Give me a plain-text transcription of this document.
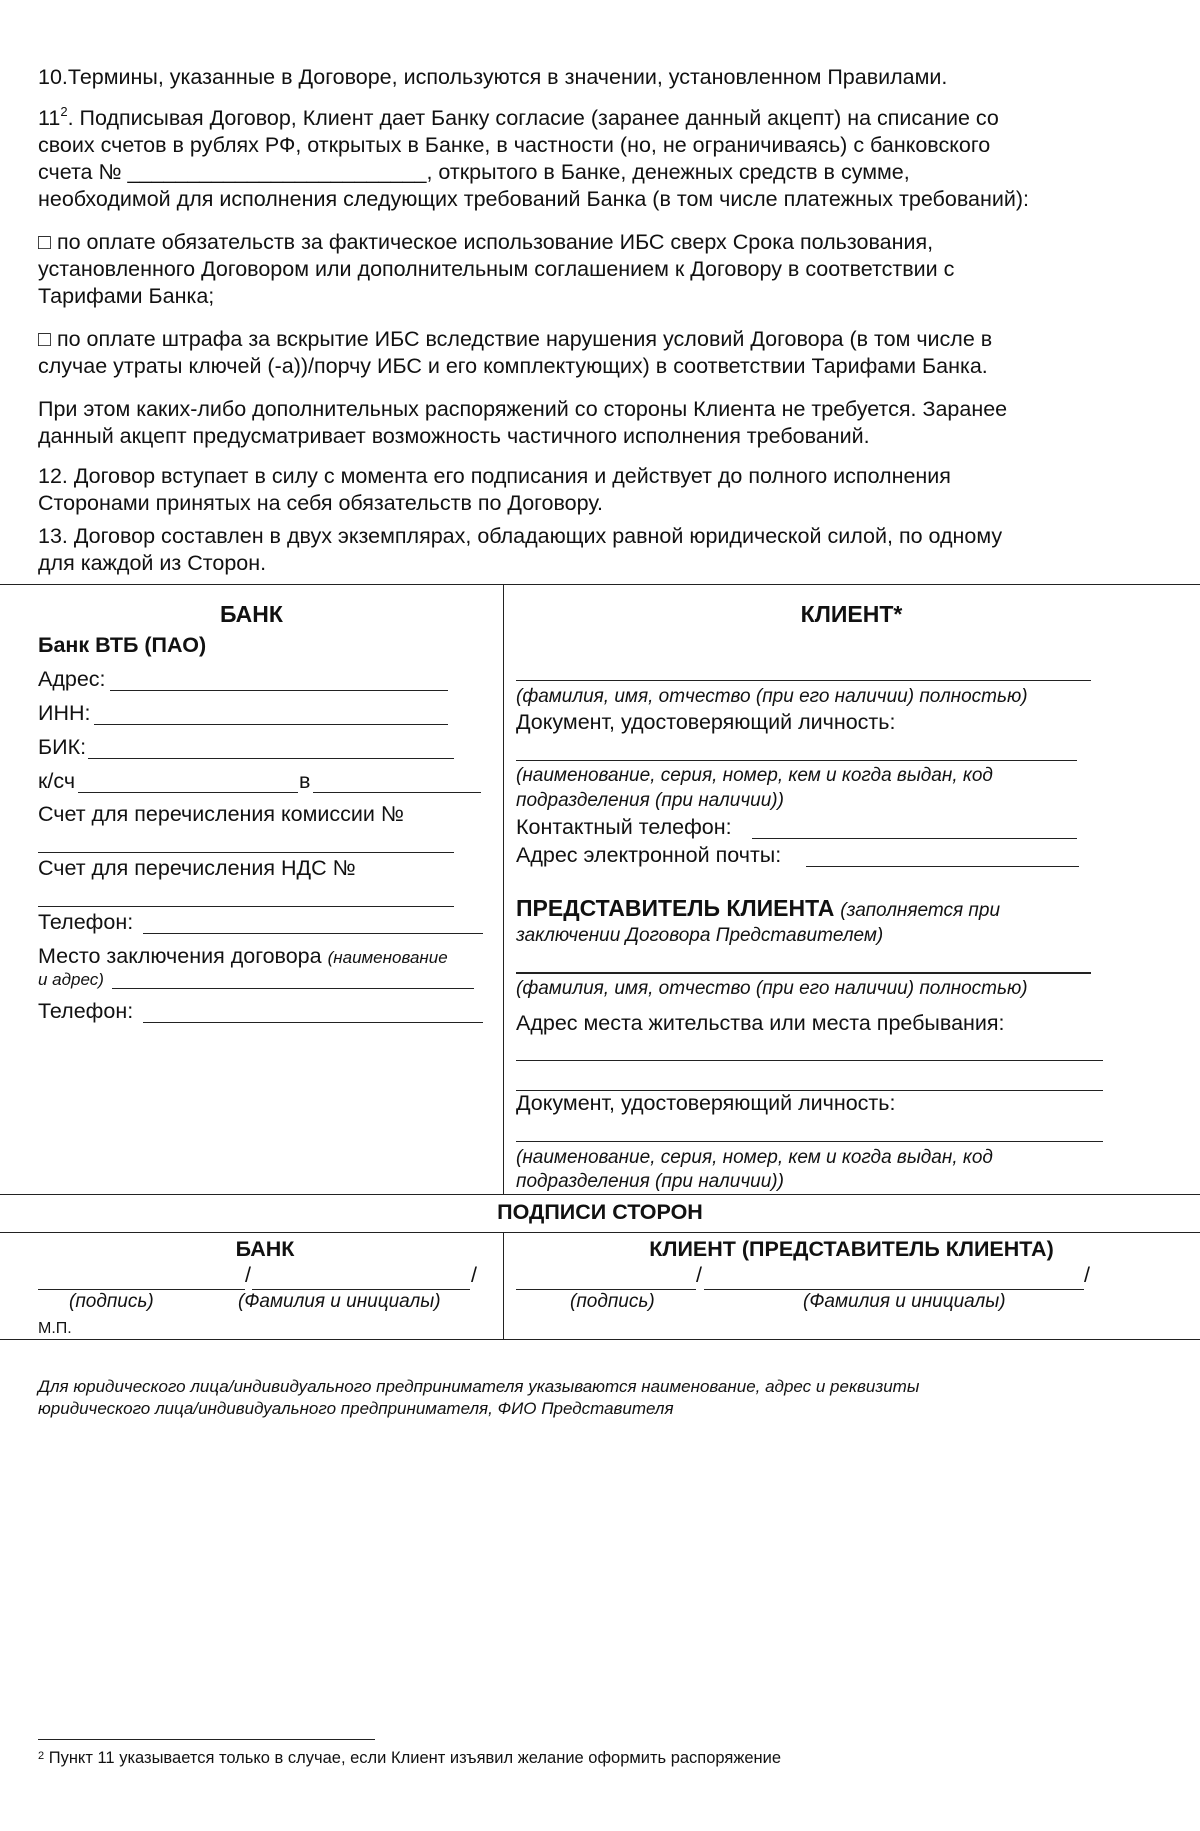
10.Термины, указанные в Договоре, используются в значении, установленном Правилами.

$11^2$. Подписывая Договор, Клиент дает Банку согласие (заранее данный акцепт) на списание со
своих счетов в рублях РФ, открытых в Банке, в частности (но, не ограничиваясь) с банковского
счета № _________________________, открытого в Банке, денежных средств в сумме,
необходимой для исполнения следующих требований Банка (в том числе платежных требований):

□ по оплате обязательств за фактическое использование ИБС сверх Срока пользования,
установленного Договором или дополнительным соглашением к Договору в соответствии с
Тарифами Банка;

□ по оплате штрафа за вскрытие ИБС вследствие нарушения условий Договора (в том числе в
случае утраты ключей (-а))/порчу ИБС и его комплектующих) в соответствии Тарифами Банка.

При этом каких-либо дополнительных распоряжений со стороны Клиента не требуется. Заранее
данный акцепт предусматривает возможность частичного исполнения требований.

12. Договор вступает в силу с момента его подписания и действует до полного исполнения
Сторонами принятых на себя обязательств по Договору.

13. Договор составлен в двух экземплярах, обладающих равной юридической силой, по одному
для каждой из Сторон.

БАНК	КЛИЕНТ*
Банк ВТБ (ПАО)
Адрес:
ИНН:
БИК:
к/сч	в
Счет для перечисления комиссии №
Счет для перечисления НДС №
Телефон:
Место заключения договора (наименование
и адрес)
Телефон:
(фамилия, имя, отчество (при его наличии) полностью)
Документ, удостоверяющий личность:
(наименование, серия, номер, кем и когда выдан, код
подразделения (при наличии))
Контактный телефон:
Адрес электронной почты:
ПРЕДСТАВИТЕЛЬ КЛИЕНТА (заполняется при
заключении Договора Представителем)
(фамилия, имя, отчество (при его наличии) полностью)
Адрес места жительства или места пребывания:
Документ, удостоверяющий личность:
(наименование, серия, номер, кем и когда выдан, код
подразделения (при наличии))
ПОДПИСИ СТОРОН
БАНК	КЛИЕНТ (ПРЕДСТАВИТЕЛЬ КЛИЕНТА)
/	/
(подпись)	(Фамилия и инициалы)
М.П.
/	/
(подпись)	(Фамилия и инициалы)
Для юридического лица/индивидуального предпринимателя указываются наименование, адрес и реквизиты
юридического лица/индивидуального предпринимателя, ФИО Представителя
$^2$ Пункт 11 указывается только в случае, если Клиент изъявил желание оформить распоряжение
